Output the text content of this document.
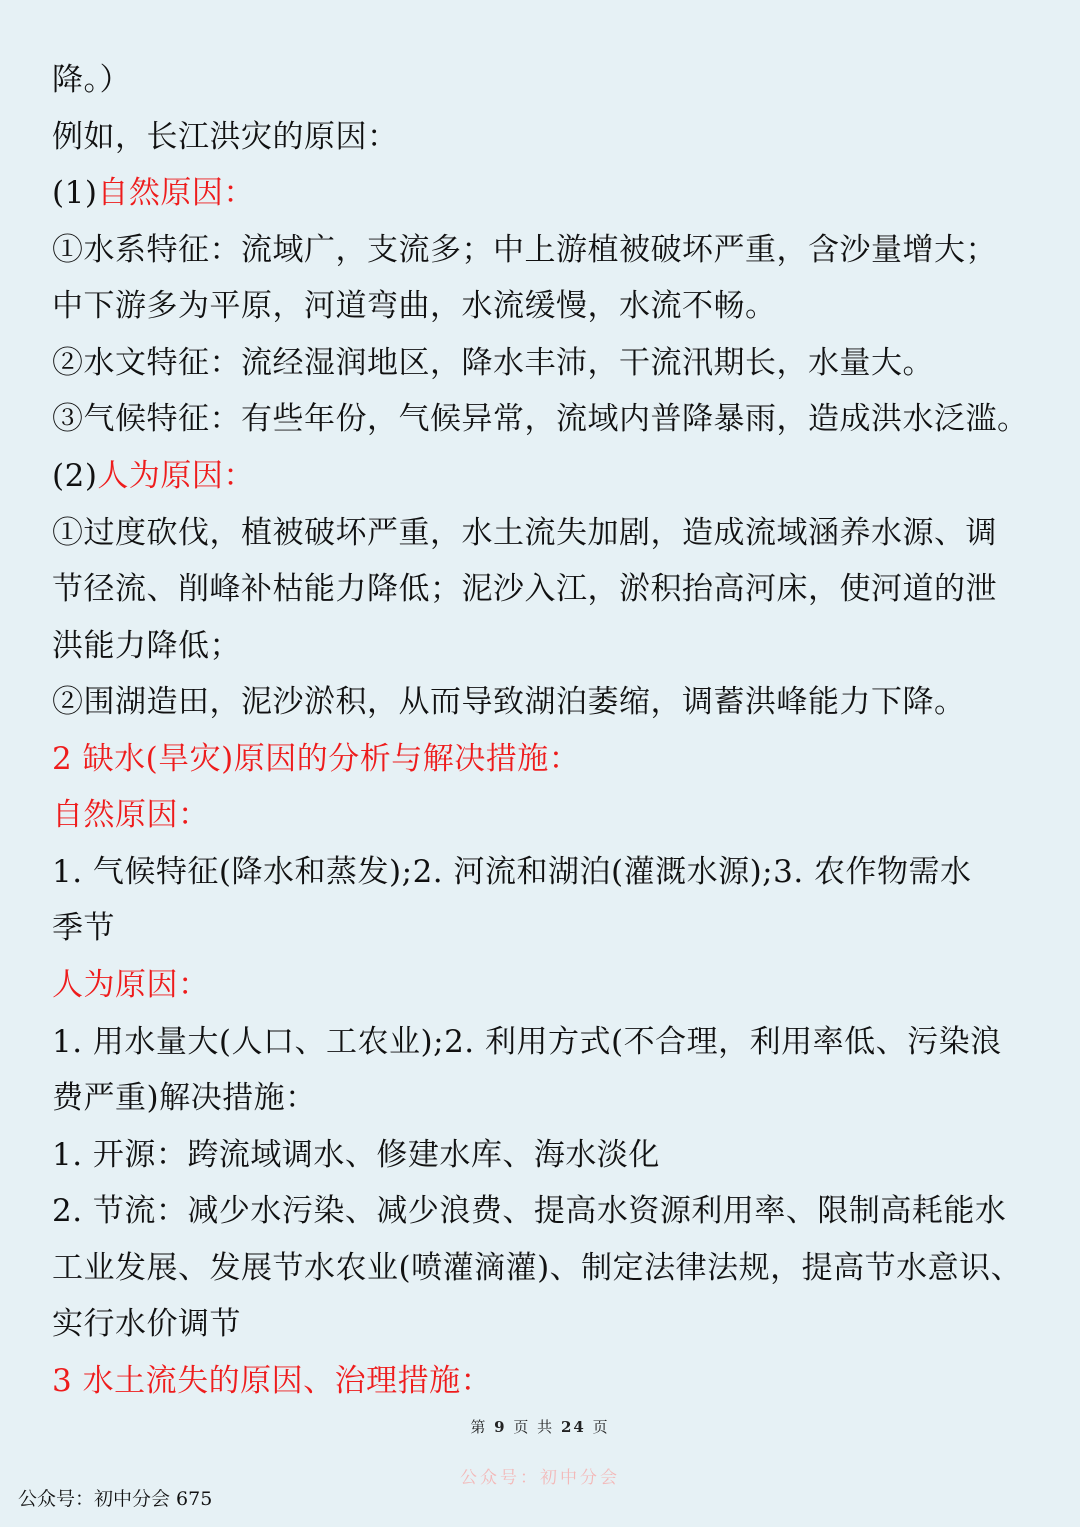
降。）
例如，长江洪灾的原因：
(1)自然原因：
①水系特征：流域广，支流多；中上游植被破坏严重，含沙量增大；
中下游多为平原，河道弯曲，水流缓慢，水流不畅。
②水文特征：流经湿润地区，降水丰沛，干流汛期长，水量大。
③气候特征：有些年份，气候异常，流域内普降暴雨，造成洪水泛滥。
(2)人为原因：
①过度砍伐，植被破坏严重，水土流失加剧，造成流域涵养水源、调
节径流、削峰补枯能力降低；泥沙入江，淤积抬高河床，使河道的泄
洪能力降低；
②围湖造田，泥沙淤积，从而导致湖泊萎缩，调蓄洪峰能力下降。
2 缺水(旱灾)原因的分析与解决措施：
自然原因：
1. 气候特征(降水和蒸发);2. 河流和湖泊(灌溉水源);3. 农作物需水
季节
人为原因：
1. 用水量大(人口、工农业);2. 利用方式(不合理，利用率低、污染浪
费严重)解决措施：
1. 开源：跨流域调水、修建水库、海水淡化
2. 节流：减少水污染、减少浪费、提高水资源利用率、限制高耗能水
工业发展、发展节水农业(喷灌滴灌)、制定法律法规，提高节水意识、
实行水价调节
3 水土流失的原因、治理措施：
第 9 页 共 24 页
公众号：初中分会
公众号：初中分会 675
